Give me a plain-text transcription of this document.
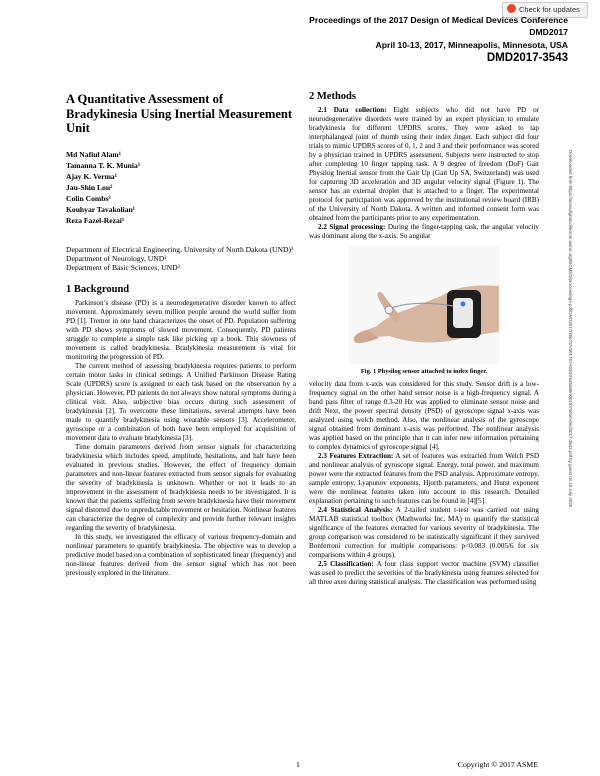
Check for updates
Proceedings of the 2017 Design of Medical Devices Conference
DMD2017
April 10-13, 2017, Minneapolis, Minnesota, USA
DMD2017-3543
A Quantitative Assessment of Bradykinesia Using Inertial Measurement Unit
Md Nafiul Alam¹
Tamanna T. K. Munia¹
Ajay K. Verma¹
Jau-Shin Lou²
Colin Combs³
Kouhyar Tavakolian¹
Reza Fazel-Rezai¹
Department of Electrical Engineering, University of North Dakota (UND)¹
Department of Neurology, UND²
Department of Basic Sciences, UND³
1 Background

Parkinson’s disease (PD) is a neurodegenerative disorder known to affect movement. Approximately seven million people around the world suffer from PD [1]. Tremor in one hand characterizes the onset of PD. Population suffering with PD shows symptoms of slowed movement. Consequently, PD patients struggle to complete a simple task like picking up a book. This slowness of movement is called bradykinesia. Bradykinesia measurement is vital for monitoring the progression of PD.

The current method of assessing bradykinesia requires patients to perform certain motor tasks in clinical settings. A Unified Parkinson Disease Rating Scale (UPDRS) score is assigned to each task based on the observation by a physician. However, PD patients do not always show natural symptoms during a clinical visit. Also, subjective bias occurs during such assessment of bradykinesia [2]. To overcome these limitations, several attempts have been made to quantify bradykinesia using wearable sensors [3]. Accelerometer, gyroscope or a combination of both have been employed for acquisition of movement data to evaluate bradykinesia [3].

Time domain parameters derived from sensor signals for characterizing bradykinesia which includes speed, amplitude, hesitations, and halt have been evaluated in previous studies. However, the effect of frequency domain parameters and non-linear features extracted from sensor signals for evaluating the severity of bradykinesia is unknown. Whether or not it leads to an improvement in the assessment of bradykinesia needs to be investigated. It is known that the patients suffering from severe bradykinesia have their movement signal distorted due to unpredictable movement or hesitation. Nonlinear features can characterize the degree of complexity and provide further relevant insights regarding the severity of bradykinesia.

In this study, we investigated the efficacy of various frequency-domain and nonlinear parameters to quantify bradykinesia. The objective was to develop a predictive model based on a combination of sophisticated linear (frequency) and non-linear features derived from the sensor signal which has not been previously explored in the literature.

2 Methods

2.1 Data collection: Eight subjects who did not have PD or neurodegenerative disorders were trained by an expert physician to emulate bradykinesia for different UPDRS scores. They were asked to tap interphalangeal joint of thumb using their index finger. Each subject did four trials to mimic UPDRS scores of 0, 1, 2 and 3 and their performance was scored by a physician trained in UPDRS assessment. Subjects were instructed to stop after completing 10 finger tapping task. A 9 degree of freedom (DoF) Gait Physilog Inertial sensor from the Gait Up (Gait Up SA, Switzerland) was used for capturing 3D acceleration and 3D angular velocity signal (Figure 1). The sensor has an external droplet that is attached to a finger. The experimental protocol for participation was approved by the institutional review board (IRB) of the University of North Dakota. A written and informed consent form was obtained from the participants prior to any experimentation.

2.2 Signal processing: During the finger-tapping task, the angular velocity was dominant along the x-axis. So angular

Fig. 1 Physilog sensor attached to index finger.

velocity data from x-axis was considered for this study. Sensor drift is a low-frequency signal on the other hand sensor noise is a high-frequency signal. A band pass filter of range 0.3-20 Hz was applied to eliminate sensor noise and drift Next, the power spectral density (PSD) of gyroscope signal x-axis was analyzed using welch method. Also, the nonlinear analysis of the gyroscope signal obtained from dominant x-axis was performed. The nonlinear analysis was applied based on the principle that it can infer new information pertaining to complex dynamics of gyroscope signal [4].

2.3 Features Extraction: A set of features was extracted from Welch PSD and nonlinear analysis of gyroscope signal. Energy, total power, and maximum power were the extracted features from the PSD analysis. Approximate entropy, sample entropy, Lyapunov exponents, Hjorth parameters, and Hurst exponent were the nonlinear features taken into account in this research. Detailed explanation pertaining to such features can be found in [4][5].

2.4 Statistical Analysis: A 2-tailed student t-test was carried out using MATLAB statistical toolbox (Mathworks Inc, MA) to quantify the statistical significance of the features extracted for various severity of bradykinesia. The group comparison was considered to be statistically significant if they survived Bonferroni correction for multiple comparisons: p<0.083 (0.005/6 for six comparisons within 4 groups).

2.5 Classification: A four class support vector machine (SVM) classifier was used to predict the severities of the bradykinesia using features selected for all three axes during statistical analysis. The classification was performed using

Downloaded from https://asmedigitalcollection.asme.org/BIOMED/proceedings-pdf/DMD2017/40672/V001T07A010/2645480/v001t07a010-dmd2017-3543.pdf by guest on 18 July 2020
1	Copyright © 2017 ASME
